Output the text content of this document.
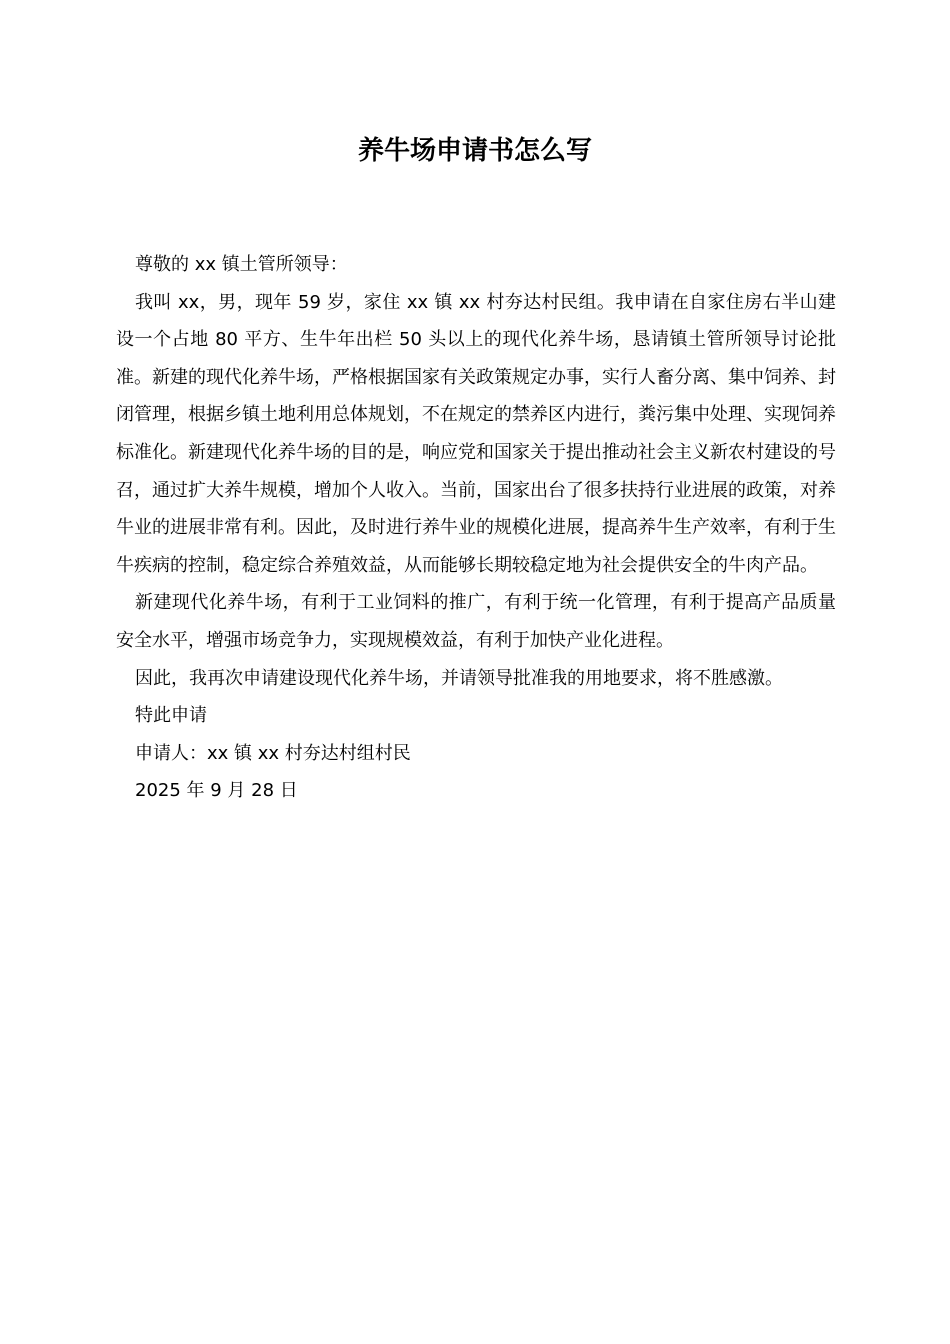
养牛场申请书怎么写
尊敬的 xx 镇土管所领导：

我叫 xx，男，现年 59 岁，家住 xx 镇 xx 村夯达村民组。我申请在自家住房右半山建设一个占地 80 平方、生牛年出栏 50 头以上的现代化养牛场，恳请镇土管所领导讨论批准。新建的现代化养牛场，严格根据国家有关政策规定办事，实行人畜分离、集中饲养、封闭管理，根据乡镇土地利用总体规划，不在规定的禁养区内进行，粪污集中处理、实现饲养标准化。新建现代化养牛场的目的是，响应党和国家关于提出推动社会主义新农村建设的号召，通过扩大养牛规模，增加个人收入。当前，国家出台了很多扶持行业进展的政策，对养牛业的进展非常有利。因此，及时进行养牛业的规模化进展，提高养牛生产效率，有利于生牛疾病的控制，稳定综合养殖效益，从而能够长期较稳定地为社会提供安全的牛肉产品。

新建现代化养牛场，有利于工业饲料的推广，有利于统一化管理，有利于提高产品质量安全水平，增强市场竞争力，实现规模效益，有利于加快产业化进程。

因此，我再次申请建设现代化养牛场，并请领导批准我的用地要求，将不胜感激。

特此申请
申请人：xx 镇 xx 村夯达村组村民
2025 年 9 月 28 日
